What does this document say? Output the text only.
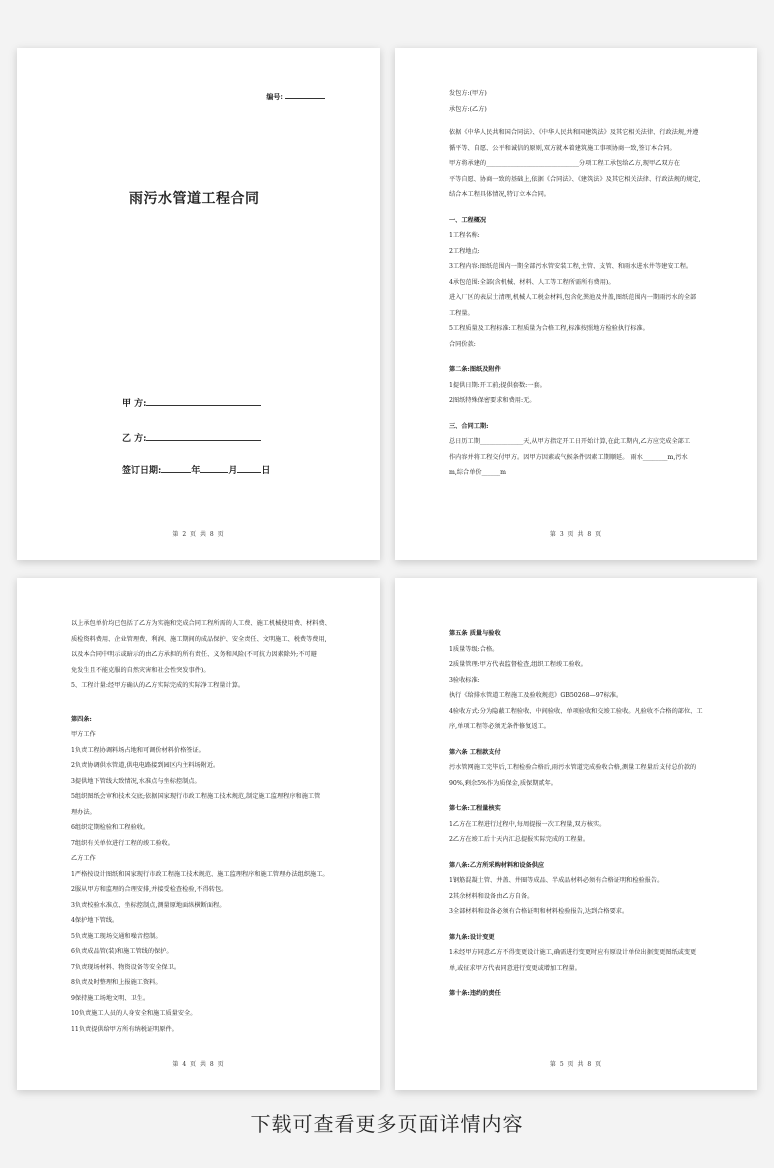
编号:
雨污水管道工程合同
甲 方:
乙 方:
签订日期:	年	月	日
第 2 页 共 8 页
发包方:(甲方)
承包方:(乙方)
依据《中华人民共和国合同法》、《中华人民共和国建筑法》及其它相关法律、行政法规,并遵
循平等、自愿、公平和诚信的原则,双方就本着建筑施工事项协商一致,签订本合同。
甲方将承建的______________________________分项工程工承包给乙方,现甲乙双方在
平等自愿、协商一致的基础上,依据《合同法》、《建筑法》及其它相关法律、行政法规的规定,
结合本工程具体情况,特订立本合同。
一、工程概况
1工程名称:
2工程地点:
3工程内容:图纸范围内一期全部污水管安装工程,主管、支管、和雨水进水井等建安工程。
4承包范围:全部(含机械、材料、人工等工程所需所有费用)。
进入厂区的表层土清理,机械人工税金材料,包含化粪池及井盖,图纸范围内一期雨污水的全部
工程量。
5工程质量及工程标准:工程质量为合格工程,标准按照地方检验执行标准。
合同价款:
第二条:图纸及附件
1提供日期:开工前;提供套数:一套。
2图纸特殊保密要求和费用:无。
三、合同工期:
总日历工期______________天,从甲方指定开工日开始计算,在此工期内,乙方应完成全部工
作内容并将工程交付甲方。因甲方因素或气候条件因素工期顺延。 雨水________m,污水
m,综合单价______m
第 3 页 共 8 页
以上承包单价均已包括了乙方为实施和完成合同工程所需的人工费、施工机械使用费、材料费、
质检资料费用、企业管理费、利润、施工期间的成品保护、安全责任、文明施工、税费等费用,
以及本合同中明示或暗示的由乙方承担的所有责任、义务和风险(不可抗力因素除外;不可避
免发生且不能克服的自然灾害和社会性突发事件)。
5、工程计量:经甲方确认的乙方实际完成的实际净工程量计算。
第四条:
甲方工作
1负责工程协调料场占地和可调价材料价格签证。
2负责协调供水管道,供电电路接到园区内主料场附近。
3提供地下管线大致情况,水准点与坐标控制点。
5组织图纸会审和技术交底;依据国家现行市政工程施工技术规范,制定施工监理程序和施工管
理办法。
6组织定期检验和工程验收。
7组织有关单位进行工程的竣工验收。
乙方工作
1严格按设计图纸和国家现行市政工程施工技术规范、施工监理程序和施工管理办法组织施工。
2服从甲方和监理的合理安排,并接受检查检验,不得转包。
3负责校验水准点、坐标控制点,测量原地面纵横断面程。
4保护地下管线。
5负责施工现场交通和噪音控制。
6负责成品管(装)和施工管线的保护。
7负责现场材料、物资设备等安全保卫。
8负责及时整理和上报施工资料。
9保持施工场地文明、卫生。
10负责施工人员的人身安全和施工质量安全。
11负责提供给甲方所有纳税证明原件。
第 4 页 共 8 页
第五条 质量与验收
1质量等级:合格。
2质量管理:甲方代表监督检查,组织工程竣工验收。
3验收标准:
执行《给排水管道工程施工及验收规范》GB50268—97标准。
4验收方式:分为隐蔽工程验收、中间验收、单项验收和交竣工验收。凡验收不合格的部位、工
序,单项工程等必须无条件修复返工。
第六条 工程款支付
污水管网施工完毕后,工程检验合格后,雨污水管道完成验收合格,测量工程量后支付总价款的
90%,剩余5%作为质保金,质保期贰年。
第七条:工程量核实
1乙方在工程进行过程中,每周提报一次工程量,双方核实。
2乙方在竣工后十天内汇总提报实际完成的工程量。
第八条:乙方所采购材料和设备供应
1钢筋混凝土管、井盖、井圈等成品、半成品材料必须有合格证明和检验报告。
2其余材料和设备由乙方自备。
3全部材料和设备必须有合格证明和材料检验报告,达到合格要求。
第九条:设计变更
1未经甲方同意乙方不得变更设计施工,确需进行变更时应有原设计单位出据变更图纸或变更
单,或征求甲方代表同意进行变更或增加工程量。
第十条:违约的责任
第 5 页 共 8 页
下载可查看更多页面详情内容
